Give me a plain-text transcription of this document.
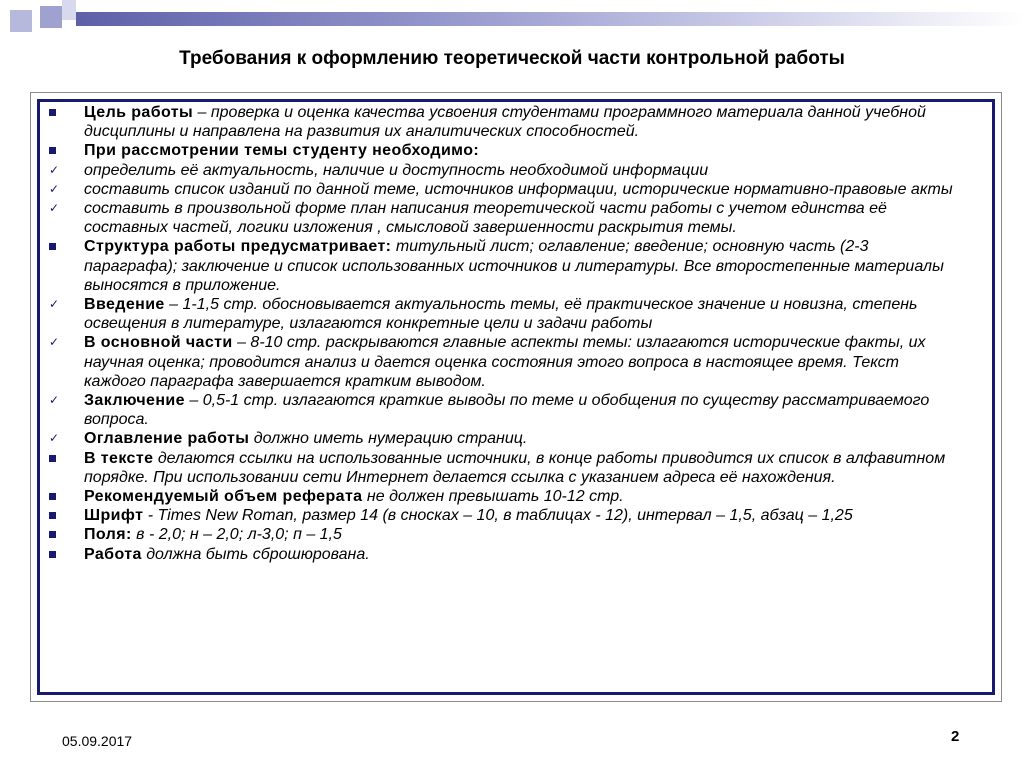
Требования к оформлению теоретической части контрольной работы
Цель работы – проверка и оценка качества усвоения студентами программного материала данной учебной дисциплины и направлена на развития их аналитических способностей.
При рассмотрении темы студенту необходимо:
✓ определить её актуальность, наличие и доступность необходимой информации
✓ составить список изданий по данной теме, источников информации, исторические нормативно-правовые акты
✓ составить в произвольной форме план написания теоретической части работы с учетом единства её составных частей, логики изложения , смысловой завершенности раскрытия темы.
Структура работы предусматривает: титульный лист; оглавление; введение; основную часть (2-3 параграфа); заключение и список использованных источников и литературы. Все второстепенные материалы выносятся в приложение.
✓ Введение – 1-1,5 стр. обосновывается актуальность темы, её практическое значение и новизна, степень освещения в литературе, излагаются конкретные цели и задачи работы
✓ В основной части – 8-10 стр. раскрываются главные аспекты темы: излагаются исторические факты, их научная оценка; проводится анализ и дается оценка состояния этого вопроса в настоящее время. Текст каждого параграфа завершается кратким выводом.
✓ Заключение – 0,5-1 стр. излагаются краткие выводы по теме и обобщения по существу рассматриваемого вопроса.
✓ Оглавление работы должно иметь нумерацию страниц.
В тексте делаются ссылки на использованные источники, в конце работы приводится их список в алфавитном порядке. При использовании сети Интернет делается ссылка с указанием адреса её нахождения.
Рекомендуемый объем реферата не должен превышать 10-12 стр.
Шрифт - Times New Roman, размер 14 (в сносках – 10, в таблицах - 12), интервал – 1,5, абзац – 1,25
Поля: в - 2,0; н – 2,0; л-3,0; п – 1,5
Работа должна быть сброшюрована.
05.09.2017	2
